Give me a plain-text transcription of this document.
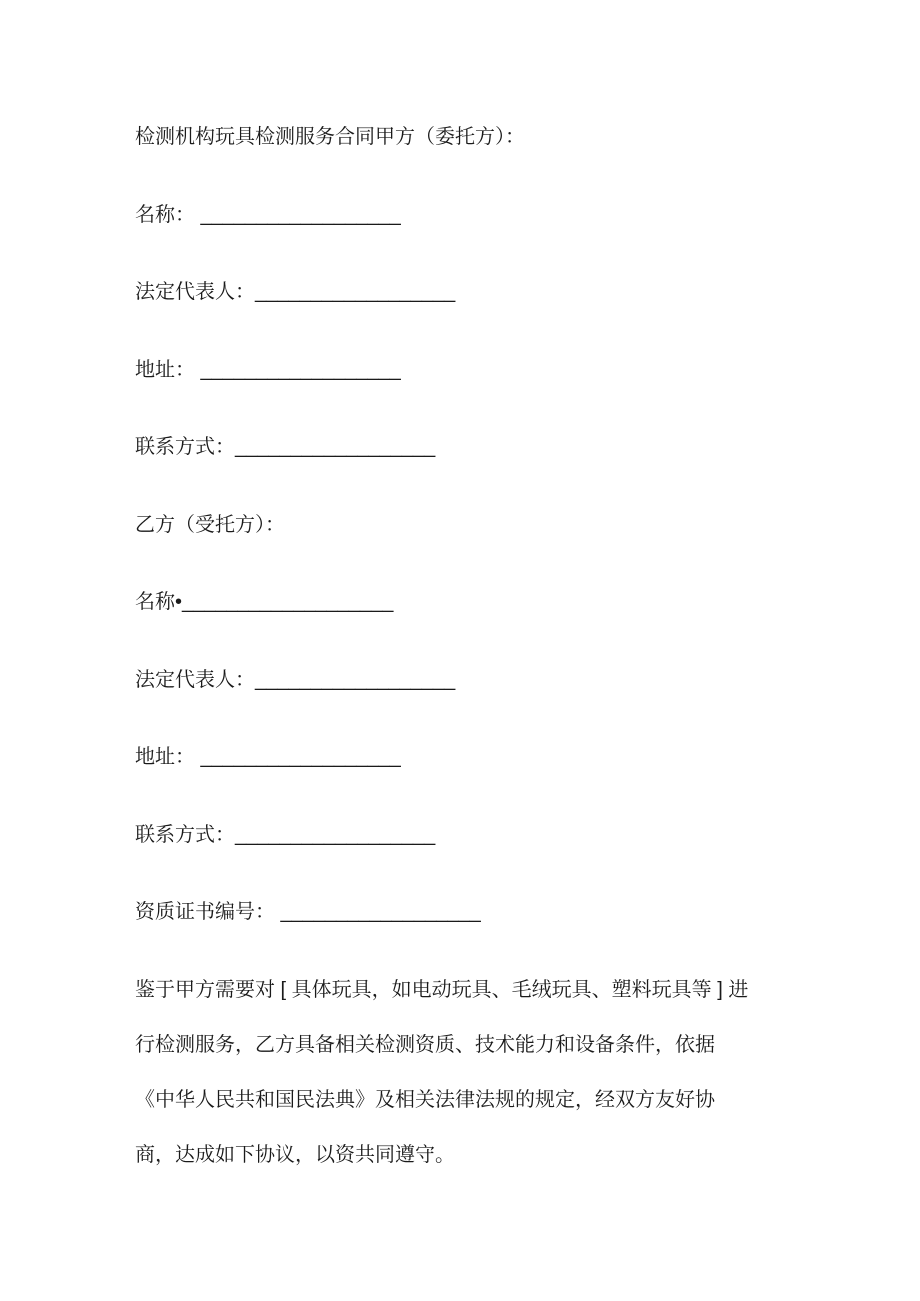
检测机构玩具检测服务合同甲方（委托方）：
名称： __________________
法定代表人：__________________
地址： __________________
联系方式：__________________
乙方（受托方）：
名称•___________________
法定代表人：__________________
地址： __________________
联系方式：__________________
资质证书编号： __________________
鉴于甲方需要对 [ 具体玩具，如电动玩具、毛绒玩具、塑料玩具等 ] 进
行检测服务，乙方具备相关检测资质、技术能力和设备条件，依据
《中华人民共和国民法典》及相关法律法规的规定，经双方友好协
商，达成如下协议，以资共同遵守。
